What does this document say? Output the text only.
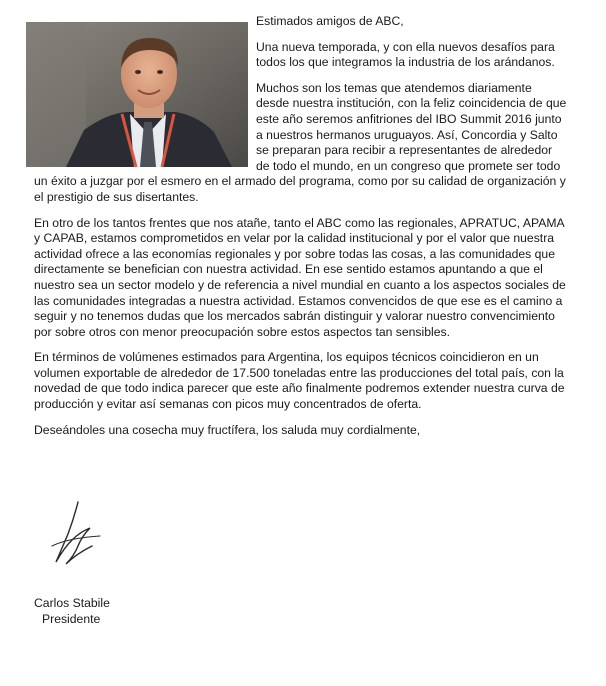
Estimados amigos de ABC,

Una nueva temporada, y con ella nuevos desafíos para todos los que integramos la industria de los arándanos.

Muchos son los temas que atendemos diariamente desde nuestra institución, con la feliz coincidencia de que este año seremos anfitriones del IBO Summit 2016 junto a nuestros hermanos uruguayos. Así, Concordia y Salto se preparan para recibir a representantes de alrededor de todo el mundo, en un congreso que promete ser todo un éxito a juzgar por el esmero en el armado del programa, como por su calidad de organización y el prestigio de sus disertantes.

En otro de los tantos frentes que nos atañe, tanto el ABC como las regionales, APRATUC, APAMA y CAPAB, estamos comprometidos en velar por la calidad institucional y por el valor que nuestra actividad ofrece a las economías regionales y por sobre todas las cosas, a las comunidades que directamente se benefician con nuestra actividad. En ese sentido estamos apuntando a que el nuestro sea un sector modelo y de referencia a nivel mundial en cuanto a los aspectos sociales de las comunidades integradas a nuestra actividad. Estamos convencidos de que ese es el camino a seguir y no tenemos dudas que los mercados sabrán distinguir y valorar nuestro convencimiento por sobre otros con menor preocupación sobre estos aspectos tan sensibles.

En términos de volúmenes estimados para Argentina, los equipos técnicos coincidieron en un volumen exportable de alrededor de 17.500 toneladas entre las producciones del total país, con la novedad de que todo indica parecer que este año finalmente podremos extender nuestra curva de producción y evitar así semanas con picos muy concentrados de oferta.

Deseándoles una cosecha muy fructífera, los saluda muy cordialmente,

Carlos Stabile
Presidente
